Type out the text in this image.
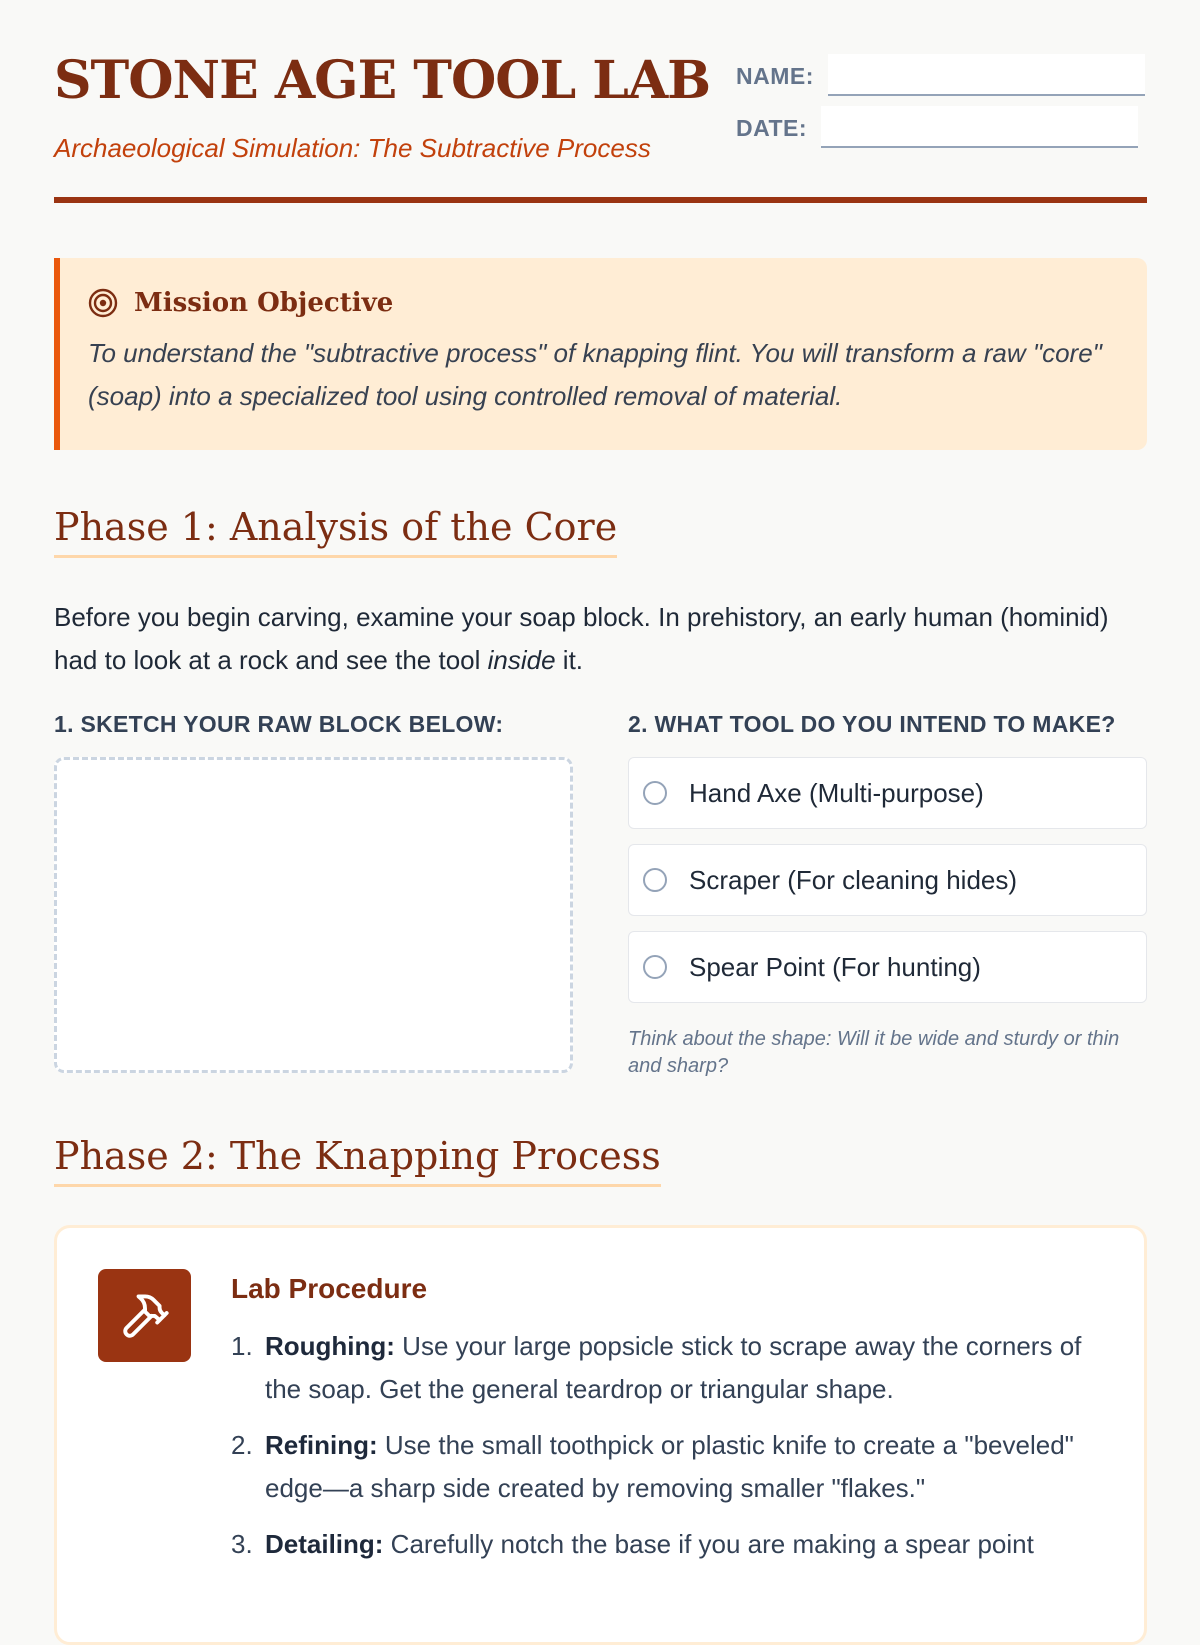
STONE AGE TOOL LAB

Archaeological Simulation: The Subtractive Process

NAME:
DATE:
Mission Objective

To understand the "subtractive process" of knapping flint. You will transform a raw "core" (soap) into a specialized tool using controlled removal of material.

Phase 1: Analysis of the Core

Before you begin carving, examine your soap block. In prehistory, an early human (hominid) had to look at a rock and see the tool inside it.

1. SKETCH YOUR RAW BLOCK BELOW:	2. WHAT TOOL DO YOU INTEND TO MAKE?

Hand Axe (Multi-purpose)
Scraper (For cleaning hides)
Spear Point (For hunting)

Think about the shape: Will it be wide and sturdy or thin and sharp?

Phase 2: The Knapping Process

Lab Procedure

Roughing: Use your large popsicle stick to scrape away the corners of the soap. Get the general teardrop or triangular shape.
Refining: Use the small toothpick or plastic knife to create a "beveled" edge—a sharp side created by removing smaller "flakes."
Detailing: Carefully notch the base if you are making a spear point
